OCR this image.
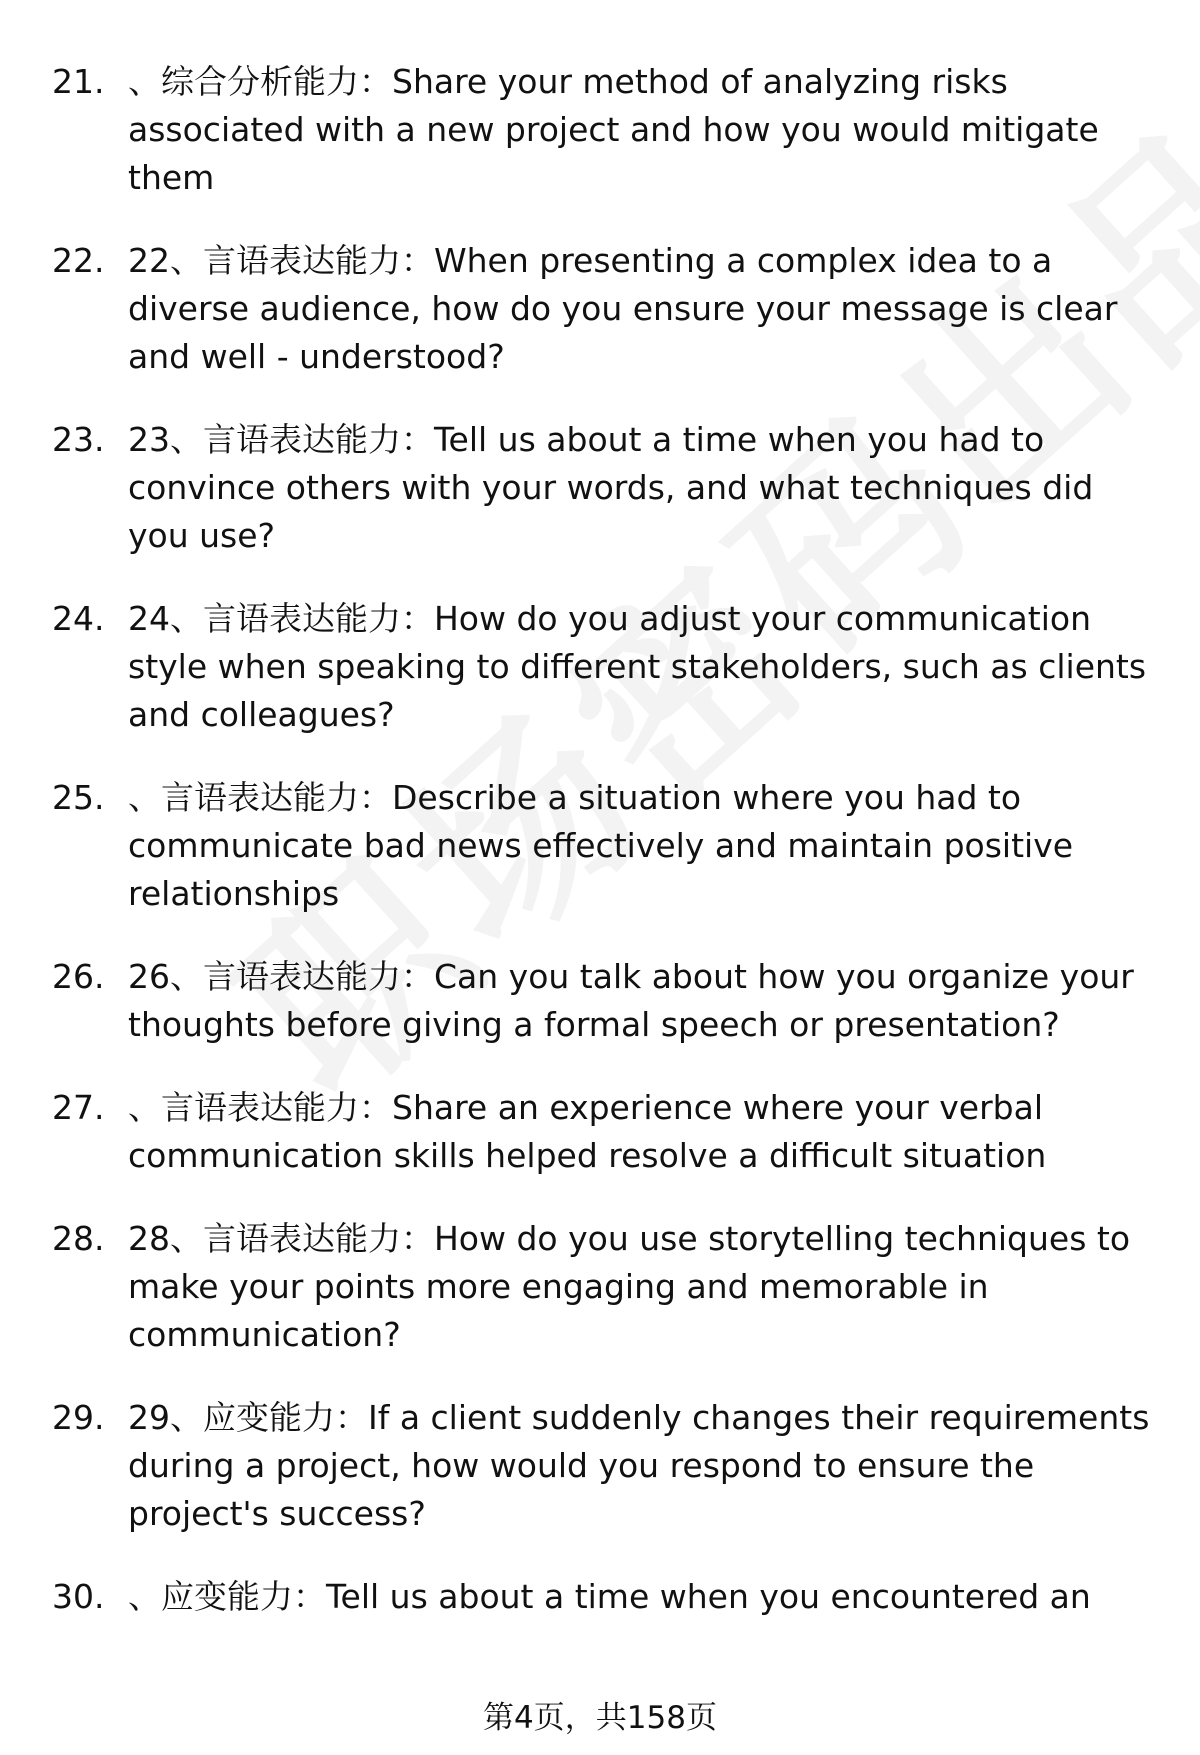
21. 、综合分析能力：Share your method of analyzing risks associated with a new project and how you would mitigate them
22. 22、言语表达能力：When presenting a complex idea to a diverse audience, how do you ensure your message is clear and well - understood?
23. 23、言语表达能力：Tell us about a time when you had to convince others with your words, and what techniques did you use?
24. 24、言语表达能力：How do you adjust your communication style when speaking to different stakeholders, such as clients and colleagues?
25. 、言语表达能力：Describe a situation where you had to communicate bad news effectively and maintain positive relationships
26. 26、言语表达能力：Can you talk about how you organize your thoughts before giving a formal speech or presentation?
27. 、言语表达能力：Share an experience where your verbal communication skills helped resolve a difficult situation
28. 28、言语表达能力：How do you use storytelling techniques to make your points more engaging and memorable in communication?
29. 29、应变能力：If a client suddenly changes their requirements during a project, how would you respond to ensure the project's success?
30. 、应变能力：Tell us about a time when you encountered an
第4页，共158页
